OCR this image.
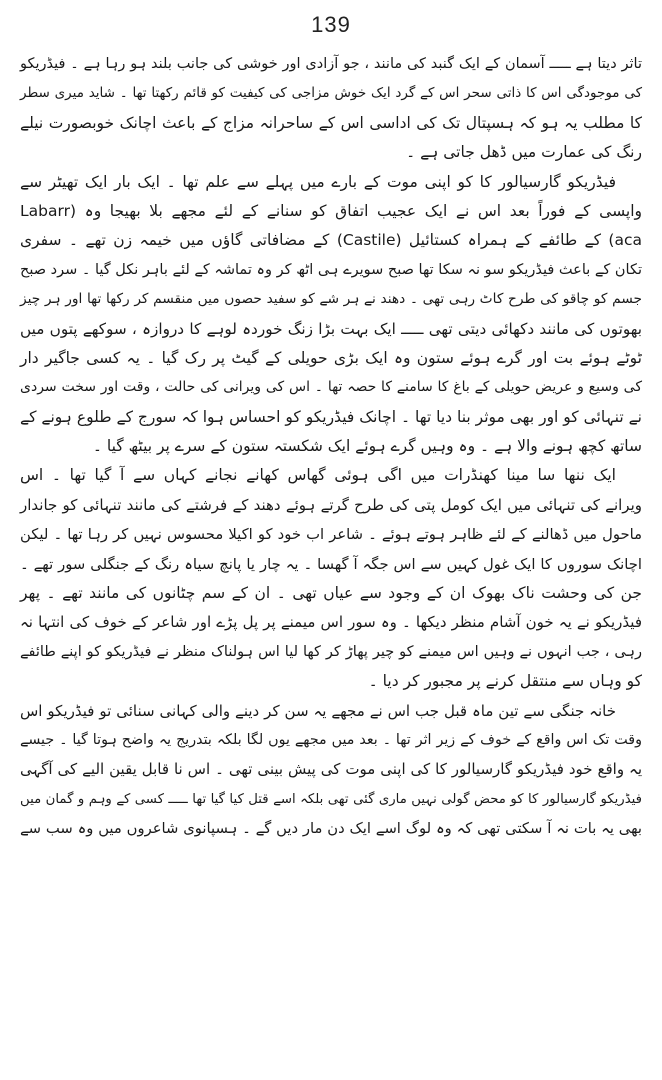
139
تاثر دیتا ہے ـــــ آسمان کے ایک گنبد کی مانند ، جو آزادی اور خوشی کی جانب بلند ہو رہا ہے ۔ فیڈریکو
کی موجودگی اس کا ذاتی سحر اس کے گرد ایک خوش مزاجی کی کیفیت کو قائم رکھتا تھا ۔ شاید میری سطر
کا مطلب یہ ہو کہ ہسپتال تک کی اداسی اس کے ساحرانہ مزاج کے باعث اچانک خوبصورت نیلے
رنگ کی عمارت میں ڈھل جاتی ہے ۔
فیڈریکو گارسیالور کا کو اپنی موت کے بارے میں پہلے سے علم تھا ۔ ایک بار ایک تھیٹر سے
واپسی کے فوراً بعد اس نے ایک عجیب اتفاق کو سنانے کے لئے مجھے بلا بھیجا وہ (Labarr
aca) کے طائفے کے ہمراہ کستائیل (Castile) کے مضافاتی گاؤں میں خیمہ زن تھے ۔ سفری
تکان کے باعث فیڈریکو سو نہ سکا تھا صبح سویرے ہی اٹھ کر وہ تماشہ کے لئے باہر نکل گیا ۔ سرد صبح
جسم کو چاقو کی طرح کاٹ رہی تھی ۔ دھند نے ہر شے کو سفید حصوں میں منقسم کر رکھا تھا اور ہر چیز
بھوتوں کی مانند دکھائی دیتی تھی ـــــ ایک بہت بڑا زنگ خوردہ لوہے کا دروازہ ، سوکھے پتوں میں
ٹوٹے ہوئے بت اور گرے ہوئے ستون وہ ایک بڑی حویلی کے گیٹ پر رک گیا ۔ یہ کسی جاگیر دار
کی وسیع و عریض حویلی کے باغ کا سامنے کا حصہ تھا ۔ اس کی ویرانی کی حالت ، وقت اور سخت سردی
نے تنہائی کو اور بھی موثر بنا دیا تھا ۔ اچانک فیڈریکو کو احساس ہوا کہ سورج کے طلوع ہونے کے
ساتھ کچھ ہونے والا ہے ۔ وہ وہیں گرے ہوئے ایک شکستہ ستون کے سرے پر بیٹھ گیا ۔
ایک ننھا سا مینا کھنڈرات میں اگی ہوئی گھاس کھانے نجانے کہاں سے آ گیا تھا ۔ اس
ویرانے کی تنہائی میں ایک کومل پتی کی طرح گرتے ہوئے دھند کے فرشتے کی مانند تنہائی کو جاندار
ماحول میں ڈھالنے کے لئے ظاہر ہوتے ہوئے ۔ شاعر اب خود کو اکیلا محسوس نہیں کر رہا تھا ۔ لیکن
اچانک سوروں کا ایک غول کہیں سے اس جگہ آ گھسا ۔ یہ چار یا پانچ سیاہ رنگ کے جنگلی سور تھے ۔
جن کی وحشت ناک بھوک ان کے وجود سے عیاں تھی ۔ ان کے سم چٹانوں کی مانند تھے ۔ پھر
فیڈریکو نے یہ خون آشام منظر دیکھا ۔ وہ سور اس میمنے پر پل پڑے اور شاعر کے خوف کی انتہا نہ
رہی ، جب انہوں نے وہیں اس میمنے کو چیر پھاڑ کر کھا لیا اس ہولناک منظر نے فیڈریکو کو اپنے طائفے
کو وہاں سے منتقل کرنے پر مجبور کر دیا ۔
خانہ جنگی سے تین ماہ قبل جب اس نے مجھے یہ سن کر دینے والی کہانی سنائی تو فیڈریکو اس
وقت تک اس واقع کے خوف کے زیر اثر تھا ۔ بعد میں مجھے یوں لگا بلکہ بتدریج یہ واضح ہوتا گیا ۔ جیسے
یہ واقع خود فیڈریکو گارسیالور کا کی اپنی موت کی پیش بینی تھی ۔ اس نا قابل یقین الیے کی آگہی
فیڈریکو گارسیالور کا کو محض گولی نہیں ماری گئی تھی بلکہ اسے قتل کیا گیا تھا ـــــ کسی کے وہم و گمان میں
بھی یہ بات نہ آ سکتی تھی کہ وہ لوگ اسے ایک دن مار دیں گے ۔ ہسپانوی شاعروں میں وہ سب سے
